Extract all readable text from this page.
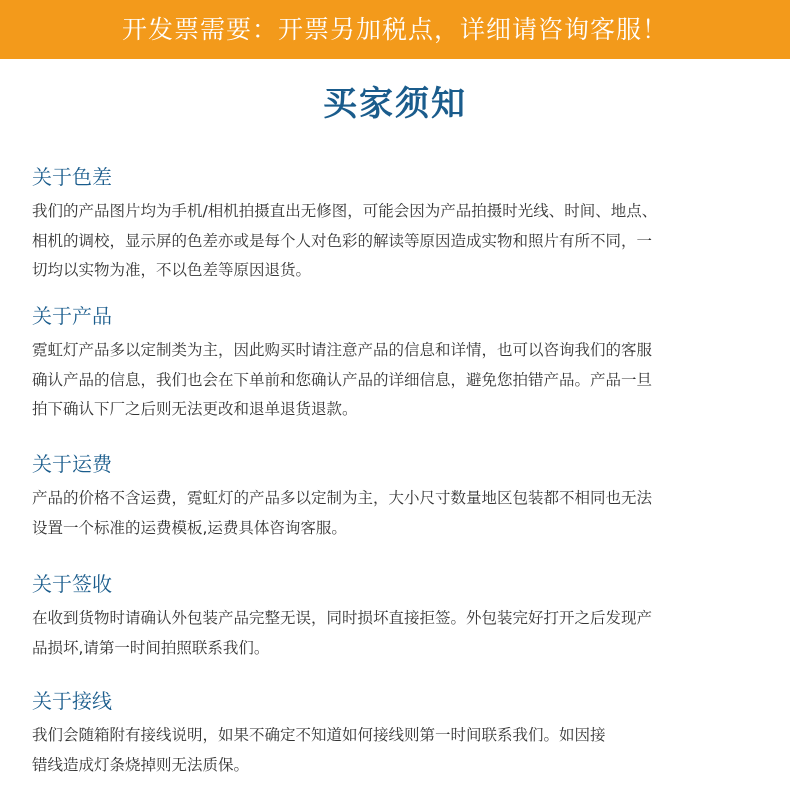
开发票需要：开票另加税点，详细请咨询客服！
买家须知
关于色差
我们的产品图片均为手机/相机拍摄直出无修图，可能会因为产品拍摄时光线、时间、地点、
相机的调校，显示屏的色差亦或是每个人对色彩的解读等原因造成实物和照片有所不同，一
切均以实物为准，不以色差等原因退货。
关于产品
霓虹灯产品多以定制类为主，因此购买时请注意产品的信息和详情，也可以咨询我们的客服
确认产品的信息，我们也会在下单前和您确认产品的详细信息，避免您拍错产品。产品一旦
拍下确认下厂之后则无法更改和退单退货退款。
关于运费
产品的价格不含运费，霓虹灯的产品多以定制为主，大小尺寸数量地区包装都不相同也无法
设置一个标准的运费模板,运费具体咨询客服。
关于签收
在收到货物时请确认外包装产品完整无误，同时损坏直接拒签。外包装完好打开之后发现产
品损坏,请第一时间拍照联系我们。
关于接线
我们会随箱附有接线说明，如果不确定不知道如何接线则第一时间联系我们。如因接
错线造成灯条烧掉则无法质保。
